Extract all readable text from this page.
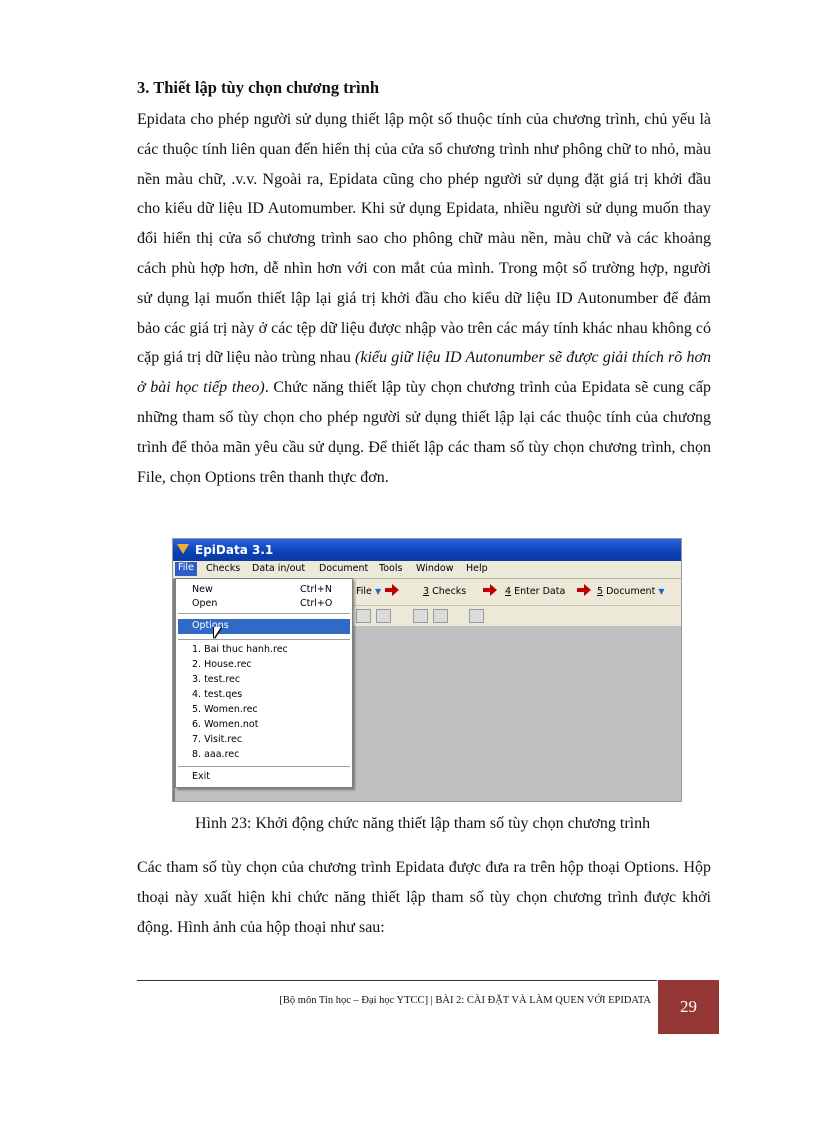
3. Thiết lập tùy chọn chương trình
Epidata cho phép người sử dụng thiết lập một số thuộc tính của chương trình, chủ yếu là các thuộc tính liên quan đến hiển thị của cửa sổ chương trình như phông chữ to nhỏ, màu nền màu chữ, .v.v. Ngoài ra, Epidata cũng cho phép người sử dụng đặt giá trị khởi đầu cho kiểu dữ liệu ID Automumber. Khi sử dụng Epidata, nhiều người sử dụng muốn thay đổi hiển thị cửa sổ chương trình sao cho phông chữ màu nền, màu chữ và các khoảng cách phù hợp hơn, dễ nhìn hơn với con mắt của mình. Trong một số trường hợp, người sử dụng lại muốn thiết lập lại giá trị khởi đầu cho kiểu dữ liệu ID Autonumber để đảm bảo các giá trị này ở các tệp dữ liệu được nhập vào trên các máy tính khác nhau không có cặp giá trị dữ liệu nào trùng nhau (kiểu giữ liệu ID Autonumber sẽ được giải thích rõ hơn ở bài học tiếp theo). Chức năng thiết lập tùy chọn chương trình của Epidata sẽ cung cấp những tham số tùy chọn cho phép người sử dụng thiết lập lại các thuộc tính của chương trình để thỏa mãn yêu cầu sử dụng. Để thiết lập các tham số tùy chọn chương trình, chọn File, chọn Options trên thanh thực đơn.
EpiData 3.1
File	Checks Data in/out Document Tools Window Help
File ▼	3 Checks	4 Enter Data	5 Document ▼
New	Ctrl+N
Open	Ctrl+O
Options
1. Bai thuc hanh.rec
2. House.rec
3. test.rec
4. test.qes
5. Women.rec
6. Women.not
7. Visit.rec
8. aaa.rec
Exit
Hình 23: Khởi động chức năng thiết lập tham số tùy chọn chương trình
Các tham số tùy chọn của chương trình Epidata được đưa ra trên hộp thoại Options. Hộp thoại này xuất hiện khi chức năng thiết lập tham số tùy chọn chương trình được khởi động. Hình ảnh của hộp thoại như sau:
[Bộ môn Tin học – Đại học YTCC] | BÀI 2: CÀI ĐẶT VÀ LÀM QUEN VỚI EPIDATA	29
